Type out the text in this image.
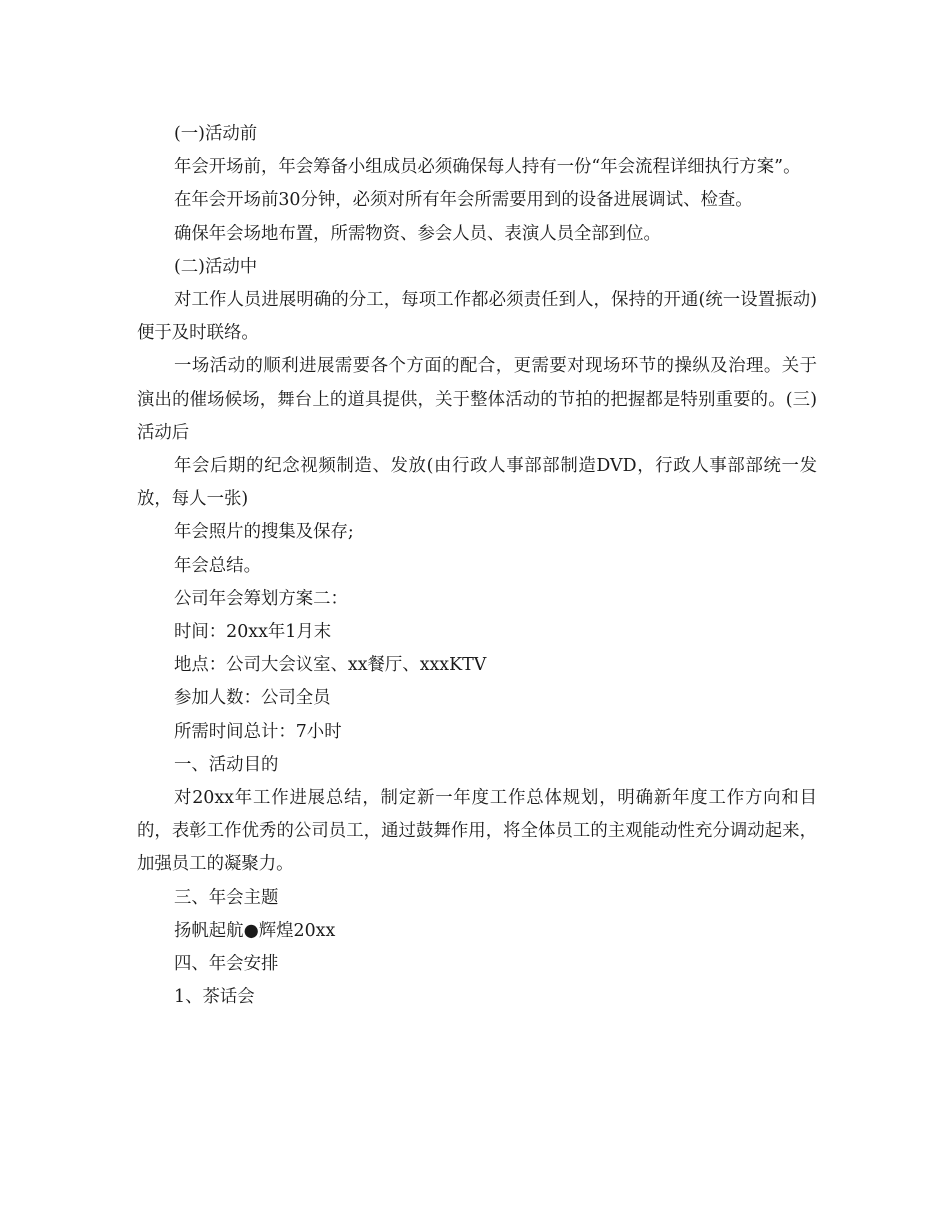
(一)活动前

年会开场前，年会筹备小组成员必须确保每人持有一份“年会流程详细执行方案”。

在年会开场前30分钟，必须对所有年会所需要用到的设备进展调试、检查。

确保年会场地布置，所需物资、参会人员、表演人员全部到位。

(二)活动中

对工作人员进展明确的分工，每项工作都必须责任到人，保持的开通(统一设置振动)便于及时联络。

一场活动的顺利进展需要各个方面的配合，更需要对现场环节的操纵及治理。关于演出的催场候场，舞台上的道具提供，关于整体活动的节拍的把握都是特别重要的。(三)活动后

年会后期的纪念视频制造、发放(由行政人事部部制造DVD，行政人事部部统一发放，每人一张)

年会照片的搜集及保存;

年会总结。

公司年会筹划方案二：

时间：20xx年1月末

地点：公司大会议室、xx餐厅、xxxKTV

参加人数：公司全员

所需时间总计：7小时

一、活动目的

对20xx年工作进展总结，制定新一年度工作总体规划，明确新年度工作方向和目的，表彰工作优秀的公司员工，通过鼓舞作用，将全体员工的主观能动性充分调动起来，加强员工的凝聚力。

三、年会主题

扬帆起航●辉煌20xx

四、年会安排

1、茶话会
